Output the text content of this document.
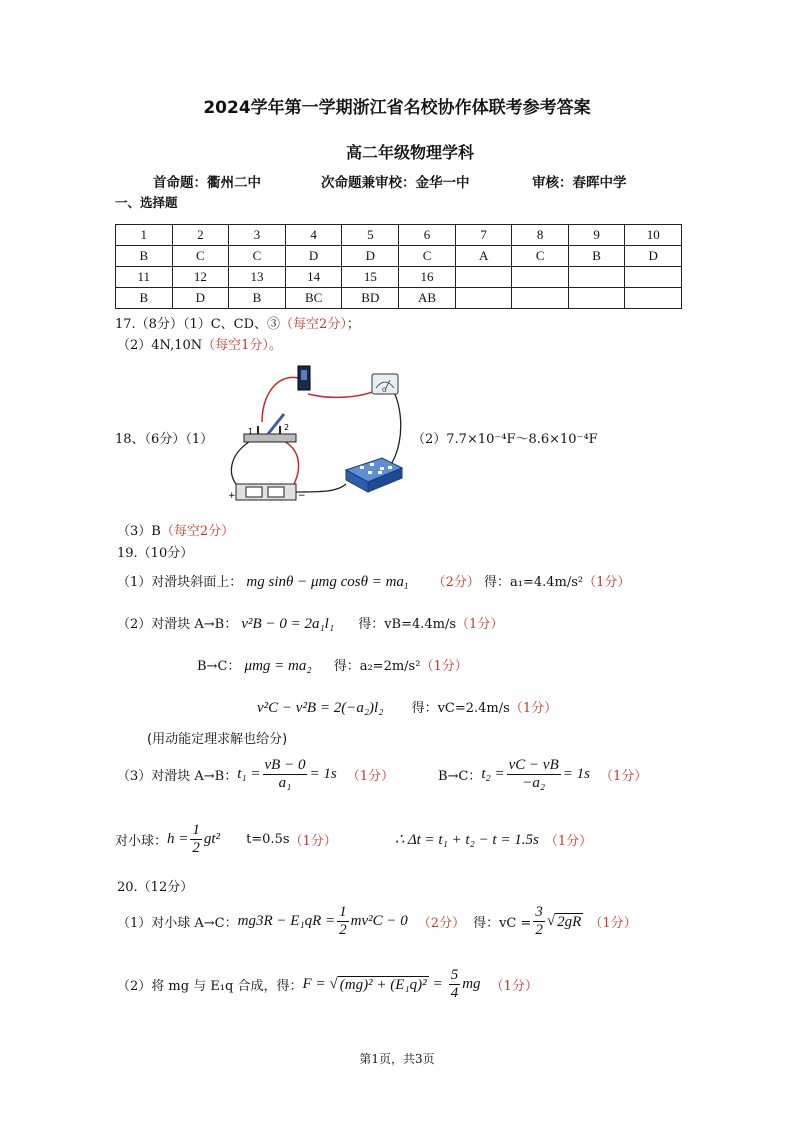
2024学年第一学期浙江省名校协作体联考参考答案
高二年级物理学科
首命题：衢州二中	次命题兼审校：金华一中	审核：春晖中学
一、选择题
1	2	3	4	5	6	7	8	9	10
B	C	C	D	D	C	A	C	B	D
11	12	13	14	15	16				
B	D	B	BC	BD	AB				
17.（8分）（1）C、CD、③（每空2分）；
（2）4N,10N（每空1分）。
18、（6分）（1）
G
1	2
+	−
（2）7.7×10⁻⁴F～8.6×10⁻⁴F
（3）B（每空2分）
19.（10分）
（1）对滑块斜面上： mg sinθ − μmg $\cos\theta = ma_1$ （2分） 得：a₁=4.4m/s²（1分）
（2）对滑块 A→B： v²B − 0 = 2a₁l₁ 得：vB=4.4m/s（1分）
B→C： μmg = ma₂ 得：a₂=2m/s²（1分）
v²C − v²B = 2(−a₂)l₂ 得：vC=2.4m/s（1分）
(用动能定理求解也给分)
（3）对滑块 A→B： $t_1 = \frac{vB - 0}{\text{a₁}} = 1s$ （1分）	B→C： $t_2 = \frac{vC - vB}{\text{−a₂}} = 1s$ （1分）
对小球： $h = \frac{1}{2} gt^2$ t=0.5s （1分）	∴ Δt = t₁ + t₂ − t = 1.5s （1分）
20.（12分）
（1）对小球 A→C： $mg3R - E_1qR = \frac{1}{2} mv^2C - 0$ （2分） 得：vC = $\frac{3}{2}$ √ 2gR （1分）
（2）将 mg 与 E₁q 合成，得： F = √ $(mg)^2 + (E_1q)^2 = \frac{5}{4}$ mg （1分）
第1页，共3页
